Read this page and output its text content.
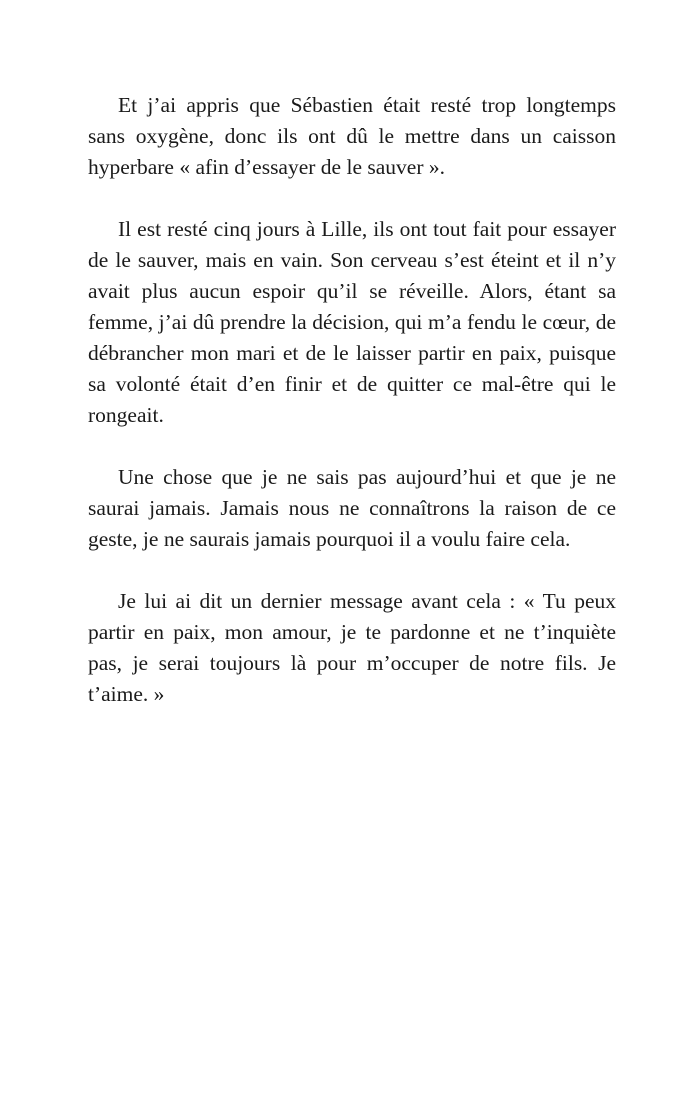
Et j’ai appris que Sébastien était resté trop longtemps sans oxygène, donc ils ont dû le mettre dans un caisson hyperbare « afin d’essayer de le sauver ».

Il est resté cinq jours à Lille, ils ont tout fait pour essayer de le sauver, mais en vain. Son cerveau s’est éteint et il n’y avait plus aucun espoir qu’il se réveille. Alors, étant sa femme, j’ai dû prendre la décision, qui m’a fendu le cœur, de débrancher mon mari et de le laisser partir en paix, puisque sa volonté était d’en finir et de quitter ce mal-être qui le rongeait.

Une chose que je ne sais pas aujourd’hui et que je ne saurai jamais. Jamais nous ne connaîtrons la raison de ce geste, je ne saurais jamais pourquoi il a voulu faire cela.

Je lui ai dit un dernier message avant cela : « Tu peux partir en paix, mon amour, je te pardonne et ne t’inquiète pas, je serai toujours là pour m’occuper de notre fils. Je t’aime. »
